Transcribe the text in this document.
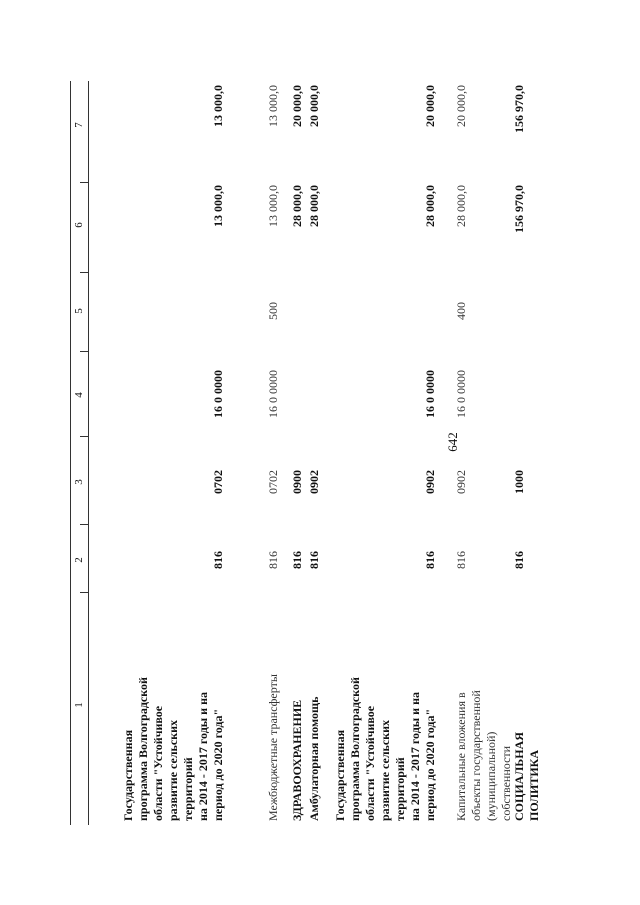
642
1
2
3
4
5
6
7
Государственная программа Волгоградской области "Устойчивое развитие сельских территорий на 2014 - 2017 годы и на период до 2020 года"
816
0702
16 0 0000
13 000,0
13 000,0
Межбюджетные трансферты
816
0702
16 0 0000
500
13 000,0
13 000,0
ЗДРАВООХРАНЕНИЕ
816
0900
28 000,0
20 000,0
Амбулаторная помощь
816
0902
28 000,0
20 000,0
Государственная программа Волгоградской области "Устойчивое развитие сельских территорий на 2014 - 2017 годы и на период до 2020 года"
816
0902
16 0 0000
28 000,0
20 000,0
Капитальные вложения в объекты государственной (муниципальной) собственности
816
0902
16 0 0000
400
28 000,0
20 000,0
СОЦИАЛЬНАЯ ПОЛИТИКА
816
1000
156 970,0
156 970,0
